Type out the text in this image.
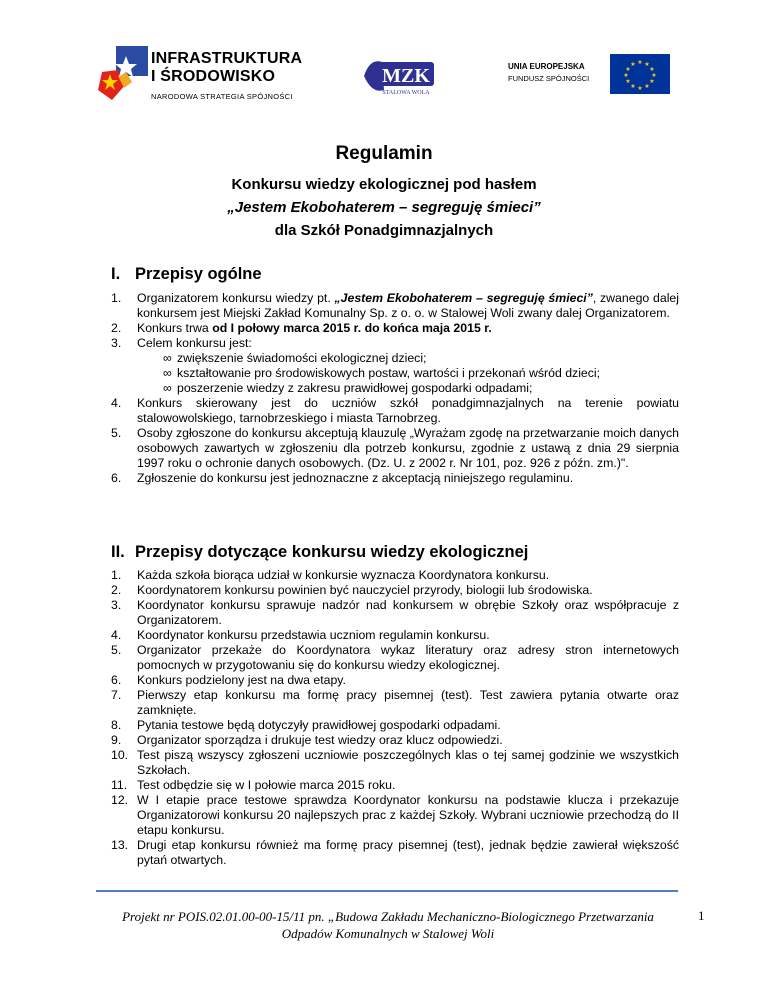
INFRASTRUKTURA
I ŚRODOWISKO
NARODOWA STRATEGIA SPÓJNOŚCI
MZK
STALOWA WOLA
UNIA EUROPEJSKA
FUNDUSZ SPÓJNOŚCI
★ ★
★
★
★
★
★
★
★
★
★
★
Regulamin
Konkursu wiedzy ekologicznej pod hasłem
„Jestem Ekobohaterem – segreguję śmieci”
dla Szkół Ponadgimnazjalnych
I. Przepisy ogólne
1. Organizatorem konkursu wiedzy pt. „Jestem Ekobohaterem – segreguję śmieci”, zwanego dalej konkursem jest Miejski Zakład Komunalny Sp. z o. o. w Stalowej Woli zwany dalej Organizatorem.
2. Konkurs trwa od I połowy marca 2015 r. do końca maja 2015 r.
3. Celem konkursu jest:
∞ zwiększenie świadomości ekologicznej dzieci;
∞ kształtowanie pro środowiskowych postaw, wartości i przekonań wśród dzieci;
∞ poszerzenie wiedzy z zakresu prawidłowej gospodarki odpadami;
4. Konkurs skierowany jest do uczniów szkół ponadgimnazjalnych na terenie powiatu stalowowolskiego, tarnobrzeskiego i miasta Tarnobrzeg.
5. Osoby zgłoszone do konkursu akceptują klauzulę „Wyrażam zgodę na przetwarzanie moich danych osobowych zawartych w zgłoszeniu dla potrzeb konkursu, zgodnie z ustawą z dnia 29 sierpnia 1997 roku o ochronie danych osobowych. (Dz. U. z 2002 r. Nr 101, poz. 926 z późn. zm.)".
6. Zgłoszenie do konkursu jest jednoznaczne z akceptacją niniejszego regulaminu.
II. Przepisy dotyczące konkursu wiedzy ekologicznej
1. Każda szkoła biorąca udział w konkursie wyznacza Koordynatora konkursu.
2. Koordynatorem konkursu powinien być nauczyciel przyrody, biologii lub środowiska.
3. Koordynator konkursu sprawuje nadzór nad konkursem w obrębie Szkoły oraz współpracuje z Organizatorem.
4. Koordynator konkursu przedstawia uczniom regulamin konkursu.
5. Organizator przekaże do Koordynatora wykaz literatury oraz adresy stron internetowych pomocnych w przygotowaniu się do konkursu wiedzy ekologicznej.
6. Konkurs podzielony jest na dwa etapy.
7. Pierwszy etap konkursu ma formę pracy pisemnej (test). Test zawiera pytania otwarte oraz zamknięte.
8. Pytania testowe będą dotyczyły prawidłowej gospodarki odpadami.
9. Organizator sporządza i drukuje test wiedzy oraz klucz odpowiedzi.
10. Test piszą wszyscy zgłoszeni uczniowie poszczególnych klas o tej samej godzinie we wszystkich Szkołach.
11. Test odbędzie się w I połowie marca 2015 roku.
12. W I etapie prace testowe sprawdza Koordynator konkursu na podstawie klucza i przekazuje Organizatorowi konkursu 20 najlepszych prac z każdej Szkoły. Wybrani uczniowie przechodzą do II etapu konkursu.
13. Drugi etap konkursu również ma formę pracy pisemnej (test), jednak będzie zawierał większość pytań otwartych.
Projekt nr POIS.02.01.00-00-15/11 pn. „Budowa Zakładu Mechaniczno-Biologicznego Przetwarzania
Odpadów Komunalnych w Stalowej Woli
1
